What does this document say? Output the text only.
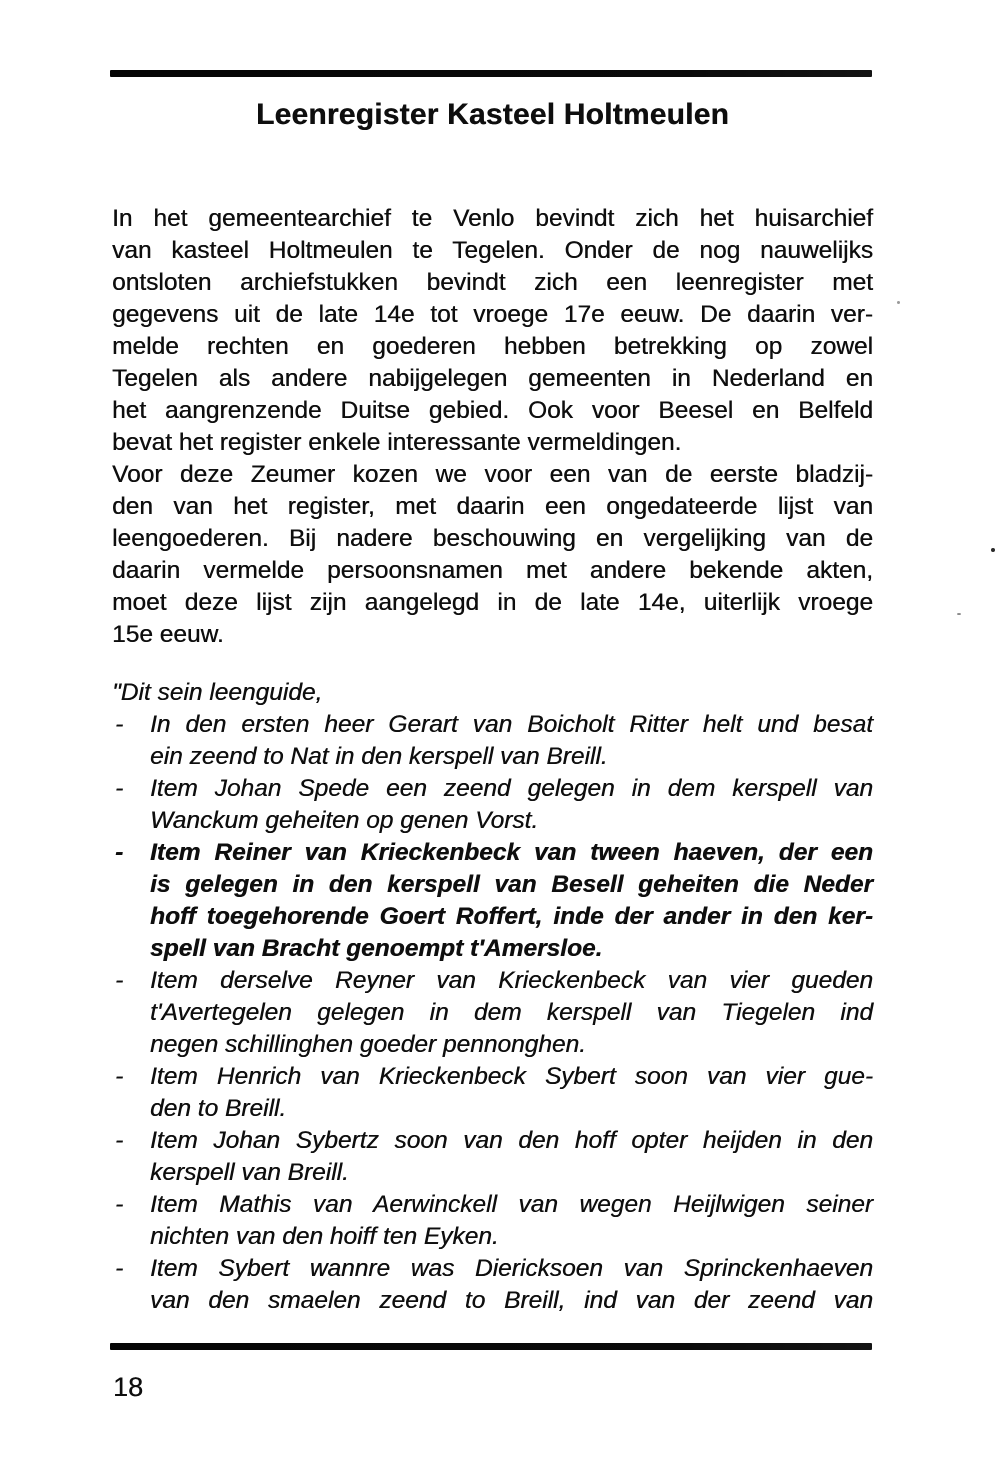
Leenregister Kasteel Holtmeulen
In het gemeentearchief te Venlo bevindt zich het huisarchief
van kasteel Holtmeulen te Tegelen. Onder de nog nauwelijks
ontsloten archiefstukken bevindt zich een leenregister met
gegevens uit de late 14e tot vroege 17e eeuw. De daarin ver-
melde rechten en goederen hebben betrekking op zowel
Tegelen als andere nabijgelegen gemeenten in Nederland en
het aangrenzende Duitse gebied. Ook voor Beesel en Belfeld
bevat het register enkele interessante vermeldingen.
Voor deze Zeumer kozen we voor een van de eerste bladzij-
den van het register, met daarin een ongedateerde lijst van
leengoederen. Bij nadere beschouwing en vergelijking van de
daarin vermelde persoonsnamen met andere bekende akten,
moet deze lijst zijn aangelegd in de late 14e, uiterlijk vroege
15e eeuw.
"Dit sein leenguide,
- In den ersten heer Gerart van Boicholt Ritter helt und besat
ein zeend to Nat in den kerspell van Breill.
- Item Johan Spede een zeend gelegen in dem kerspell van
Wanckum geheiten op genen Vorst.
- Item Reiner van Krieckenbeck van tween haeven, der een
is gelegen in den kerspell van Besell geheiten die Neder
hoff toegehorende Goert Roffert, inde der ander in den ker-
spell van Bracht genoempt t'Amersloe.
- Item derselve Reyner van Krieckenbeck van vier gueden
t'Avertegelen gelegen in dem kerspell van Tiegelen ind
negen schillinghen goeder pennonghen.
- Item Henrich van Krieckenbeck Sybert soon van vier gue-
den to Breill.
- Item Johan Sybertz soon van den hoff opter heijden in den
kerspell van Breill.
- Item Mathis van Aerwinckell van wegen Heijlwigen seiner
nichten van den hoiff ten Eyken.
- Item Sybert wannre was Diericksoen van Sprinckenhaeven
van den smaelen zeend to Breill, ind van der zeend van
18
